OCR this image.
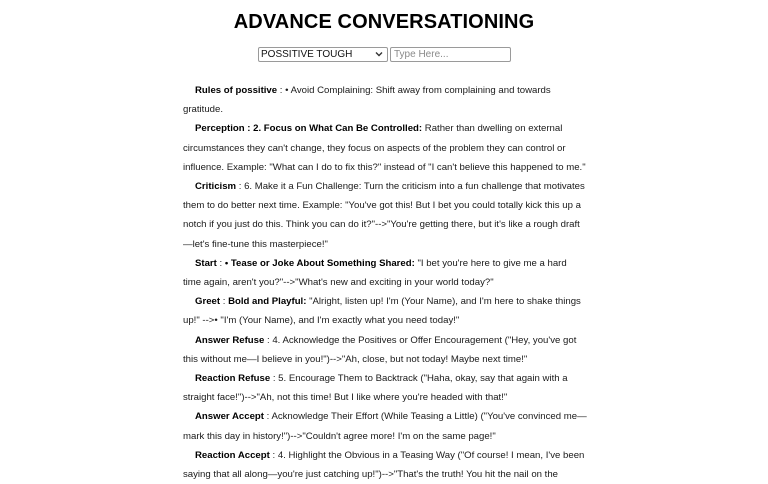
ADVANCE CONVERSATIONING
POSSITIVE TOUGH
Type Here...

Rules of possitive : • Avoid Complaining: Shift away from complaining and towards gratitude.

Perception : 2. Focus on What Can Be Controlled: Rather than dwelling on external circumstances they can't change, they focus on aspects of the problem they can control or influence. Example: "What can I do to fix this?" instead of "I can't believe this happened to me."

Criticism : 6. Make it a Fun Challenge: Turn the criticism into a fun challenge that motivates them to do better next time. Example: "You've got this! But I bet you could totally kick this up a notch if you just do this. Think you can do it?"-->"You're getting there, but it's like a rough draft—let's fine-tune this masterpiece!"

Start : • Tease or Joke About Something Shared: "I bet you're here to give me a hard time again, aren't you?"-->"What's new and exciting in your world today?"

Greet : Bold and Playful: "Alright, listen up! I'm (Your Name), and I'm here to shake things up!" -->• "I'm (Your Name), and I'm exactly what you need today!"

Answer Refuse : 4. Acknowledge the Positives or Offer Encouragement ("Hey, you've got this without me—I believe in you!")-->"Ah, close, but not today! Maybe next time!"

Reaction Refuse : 5. Encourage Them to Backtrack ("Haha, okay, say that again with a straight face!")-->"Ah, not this time! But I like where you're headed with that!"

Answer Accept : Acknowledge Their Effort (While Teasing a Little) ("You've convinced me—mark this day in history!")-->"Couldn't agree more! I'm on the same page!"

Reaction Accept : 4. Highlight the Obvious in a Teasing Way ("Of course! I mean, I've been saying that all along—you're just catching up!")-->"That's the truth! You hit the nail on the
